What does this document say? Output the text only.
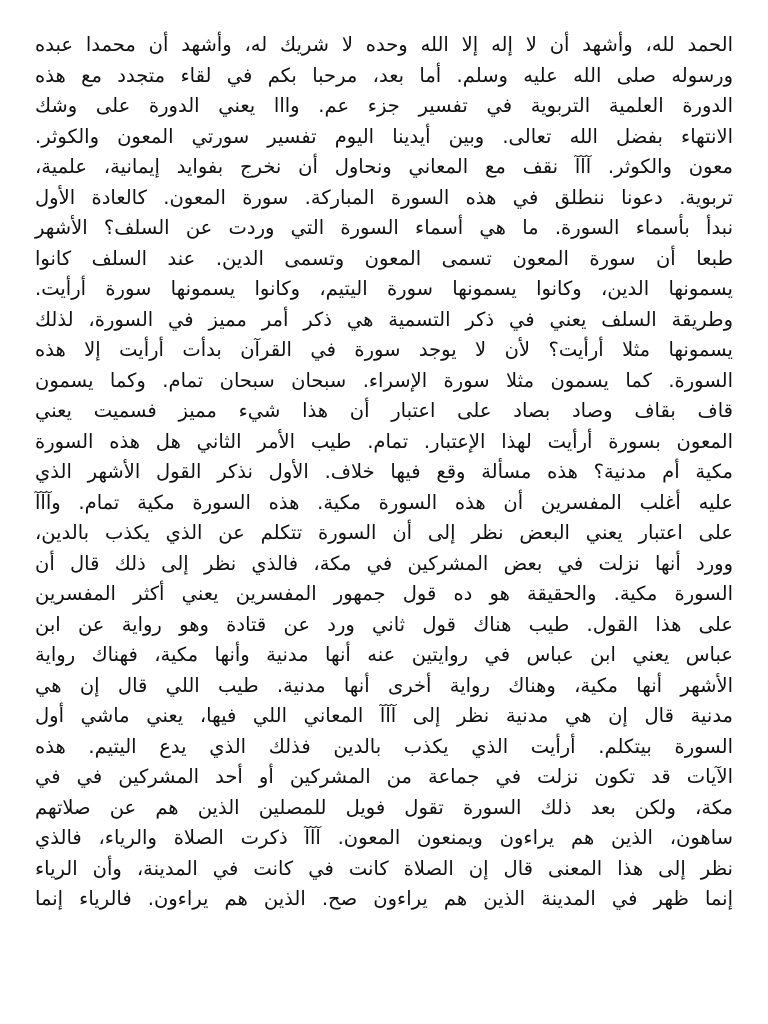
الحمد لله، وأشهد أن لا إله إلا الله وحده لا شريك له، وأشهد أن محمدا عبده
ورسوله صلى الله عليه وسلم. أما بعد، مرحبا بكم في لقاء متجدد مع هذه
الدورة العلمية التربوية في تفسير جزء عم. وااا يعني الدورة على وشك
الانتهاء بفضل الله تعالى. وبين أيدينا اليوم تفسير سورتي المعون والكوثر.
معون والكوثر. آآآ نقف مع المعاني ونحاول أن نخرج بفوايد إيمانية، علمية،
تربوية. دعونا ننطلق في هذه السورة المباركة. سورة المعون. كالعادة الأول
نبدأ بأسماء السورة. ما هي أسماء السورة التي وردت عن السلف؟ الأشهر
طبعا أن سورة المعون تسمى المعون وتسمى الدين. عند السلف كانوا
يسمونها الدين، وكانوا يسمونها سورة اليتيم، وكانوا يسمونها سورة أرأيت.
وطريقة السلف يعني في ذكر التسمية هي ذكر أمر مميز في السورة، لذلك
يسمونها مثلا أرأيت؟ لأن لا يوجد سورة في القرآن بدأت أرأيت إلا هذه
السورة. كما يسمون مثلا سورة الإسراء. سبحان سبحان تمام. وكما يسمون
قاف بقاف وصاد بصاد على اعتبار أن هذا شيء مميز فسميت يعني
المعون بسورة أرأيت لهذا الإعتبار. تمام. طيب الأمر الثاني هل هذه السورة
مكية أم مدنية؟ هذه مسألة وقع فيها خلاف. الأول نذكر القول الأشهر الذي
عليه أغلب المفسرين أن هذه السورة مكية. هذه السورة مكية تمام. وآآآ
على اعتبار يعني البعض نظر إلى أن السورة تتكلم عن الذي يكذب بالدين،
وورد أنها نزلت في بعض المشركين في مكة، فالذي نظر إلى ذلك قال أن
السورة مكية. والحقيقة هو ده قول جمهور المفسرين يعني أكثر المفسرين
على هذا القول. طيب هناك قول ثاني ورد عن قتادة وهو رواية عن ابن
عباس يعني ابن عباس في روايتين عنه أنها مدنية وأنها مكية، فهناك رواية
الأشهر أنها مكية، وهناك رواية أخرى أنها مدنية. طيب اللي قال إن هي
مدنية قال إن هي مدنية نظر إلى آآآ المعاني اللي فيها، يعني ماشي أول
السورة بيتكلم. أرأيت الذي يكذب بالدين فذلك الذي يدع اليتيم. هذه
الآيات قد تكون نزلت في جماعة من المشركين أو أحد المشركين في في
مكة، ولكن بعد ذلك السورة تقول فويل للمصلين الذين هم عن صلاتهم
ساهون، الذين هم يراءون ويمنعون المعون. آآآ ذكرت الصلاة والرياء، فالذي
نظر إلى هذا المعنى قال إن الصلاة كانت في كانت في المدينة، وأن الرياء
إنما ظهر في المدينة الذين هم يراءون صح. الذين هم يراءون. فالرياء إنما
